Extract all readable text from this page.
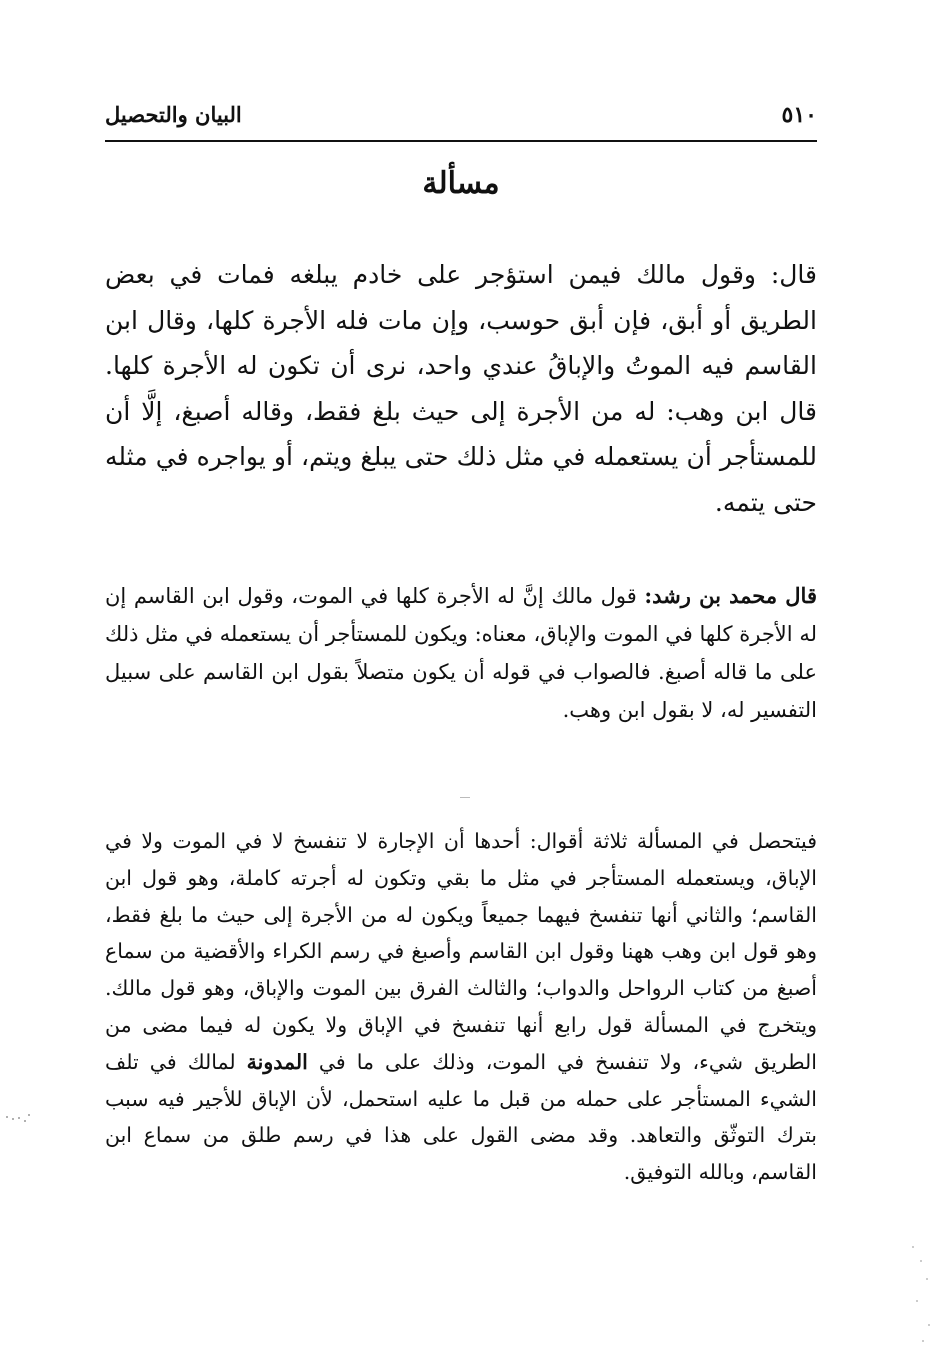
٥١٠
البيان والتحصيل
مسألة
قال: وقول مالك فيمن استؤجر على خادم يبلغه فمات في بعض الطريق أو أبق، فإن أبق حوسب، وإن مات فله الأجرة كلها، وقال ابن القاسم فيه الموتُ والإباقُ عندي واحد، نرى أن تكون له الأجرة كلها. قال ابن وهب: له من الأجرة إلى حيث بلغ فقط، وقاله أصبغ، إلَّا أن للمستأجر أن يستعمله في مثل ذلك حتى يبلغ ويتم، أو يواجره في مثله حتى يتمه.
قال محمد بن رشد: قول مالك إنَّ له الأجرة كلها في الموت، وقول ابن القاسم إن له الأجرة كلها في الموت والإباق، معناه: ويكون للمستأجر أن يستعمله في مثل ذلك على ما قاله أصبغ. فالصواب في قوله أن يكون متصلاً بقول ابن القاسم على سبيل التفسير له، لا بقول ابن وهب.
فيتحصل في المسألة ثلاثة أقوال: أحدها أن الإجارة لا تنفسخ لا في الموت ولا في الإباق، ويستعمله المستأجر في مثل ما بقي وتكون له أجرته كاملة، وهو قول ابن القاسم؛ والثاني أنها تنفسخ فيهما جميعاً ويكون له من الأجرة إلى حيث ما بلغ فقط، وهو قول ابن وهب ههنا وقول ابن القاسم وأصبغ في رسم الكراء والأقضية من سماع أصبغ من كتاب الرواحل والدواب؛ والثالث الفرق بين الموت والإباق، وهو قول مالك. ويتخرج في المسألة قول رابع أنها تنفسخ في الإباق ولا يكون له فيما مضى من الطريق شيء، ولا تنفسخ في الموت، وذلك على ما في المدونة لمالك في تلف الشيء المستأجر على حمله من قبل ما عليه استحمل، لأن الإباق للأجير فيه سبب بترك التوثّق والتعاهد. وقد مضى القول على هذا في رسم طلق من سماع ابن القاسم، وبالله التوفيق.
